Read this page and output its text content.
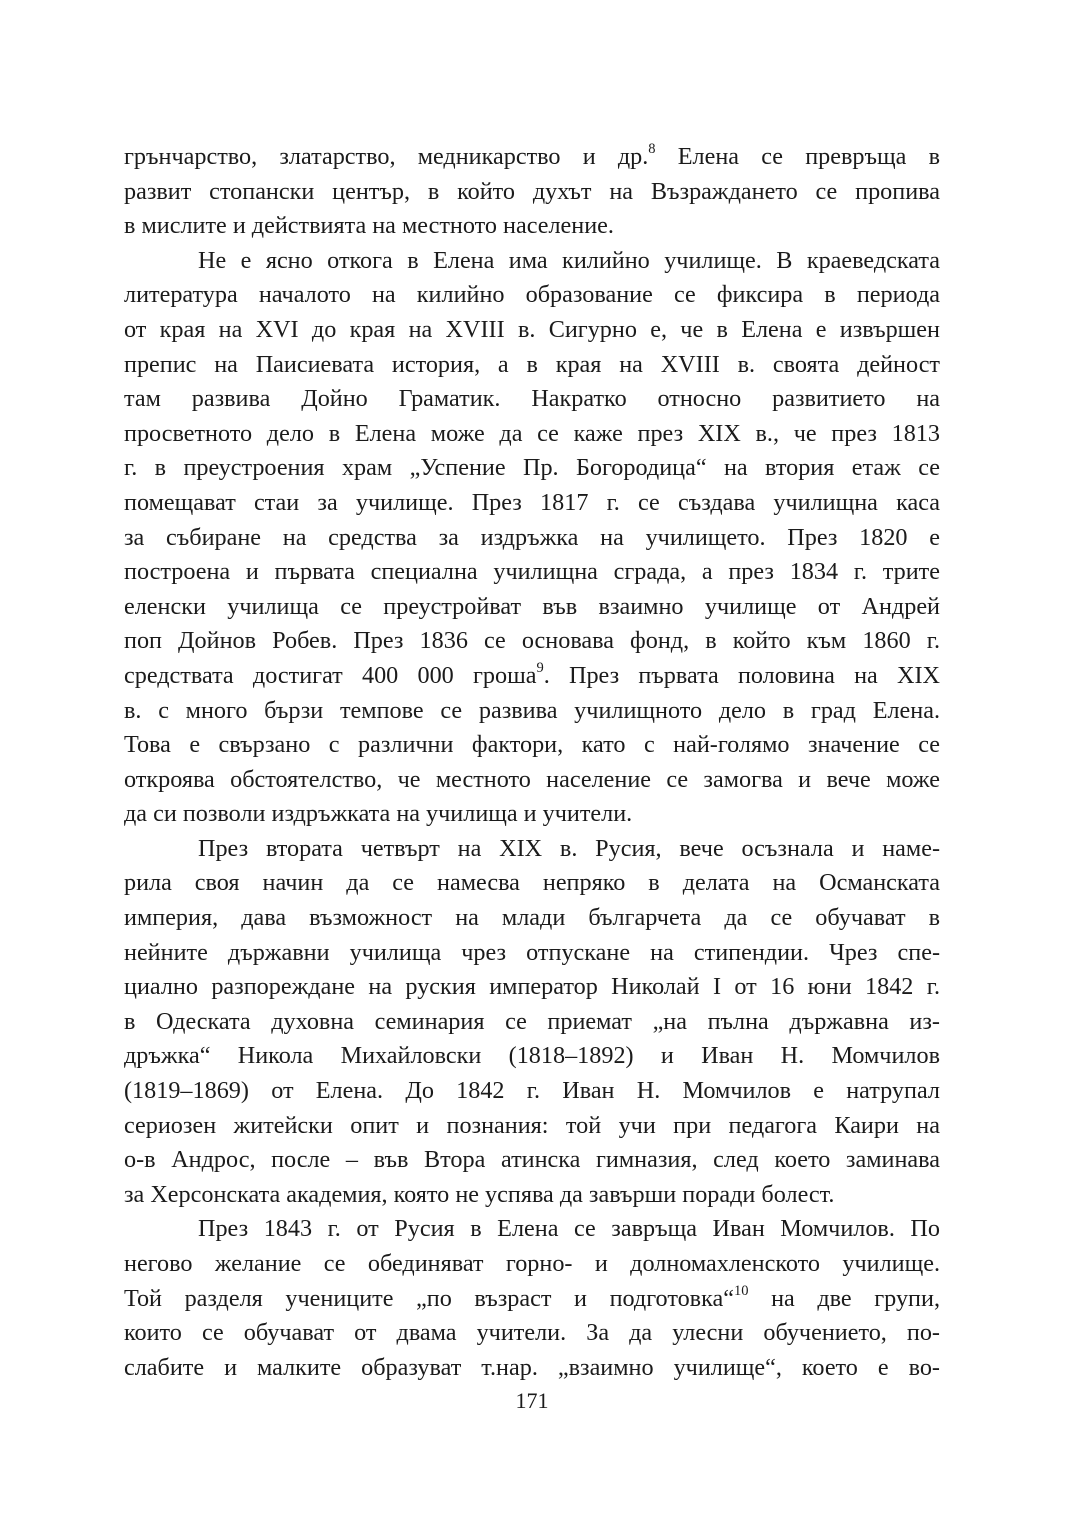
грънчарство, златарство, медникарство и др.$^8$ Елена се превръща в
развит стопански център, в който духът на Възраждането се пропива
в мислите и действията на местното население.
Не е ясно откога в Елена има килийно училище. В краеведската
литература началото на килийно образование се фиксира в периода
от края на XVI до края на XVIII в. Сигурно е, че в Елена е извършен
препис на Паисиевата история, а в края на XVIII в. своята дейност
там развива Дойно Граматик. Накратко относно развитието на
просветното дело в Елена може да се каже през XIX в., че през 1813
г. в преустроения храм „Успение Пр. Богородица“ на втория етаж се
помещават стаи за училище. През 1817 г. се създава училищна каса
за събиране на средства за издръжка на училището. През 1820 е
построена и първата специална училищна сграда, а през 1834 г. трите
еленски училища се преустройват във взаимно училище от Андрей
поп Дойнов Робев. През 1836 се основава фонд, в който към 1860 г.
средствата достигат 400 000 гроша$^9$. През първата половина на XIX
в. с много бързи темпове се развива училищното дело в град Елена.
Това е свързано с различни фактори, като с най-голямо значение се
откроява обстоятелство, че местното население се замогва и вече може
да си позволи издръжката на училища и учители.
През втората четвърт на XIX в. Русия, вече осъзнала и наме-
рила своя начин да се намесва непряко в делата на Османската
империя, дава възможност на млади българчета да се обучават в
нейните държавни училища чрез отпускане на стипендии. Чрез спе-
циално разпореждане на руския император Николай I от 16 юни 1842 г.
в Одеската духовна семинария се приемат „на пълна държавна из-
дръжка“ Никола Михайловски (1818–1892) и Иван Н. Момчилов
(1819–1869) от Елена. До 1842 г. Иван Н. Момчилов е натрупал
сериозен житейски опит и познания: той учи при педагога Каири на
о-в Андрос, после – във Втора атинска гимназия, след което заминава
за Херсонската академия, която не успява да завърши поради болест.
През 1843 г. от Русия в Елена се завръща Иван Момчилов. По
негово желание се обединяват горно- и долномахленското училище.
Той разделя учениците „по възраст и подготовка“$^{10}$ на две групи,
които се обучават от двама учители. За да улесни обучението, по-
слабите и малките образуват т.нар. „взаимно училище“, което е во-
171
